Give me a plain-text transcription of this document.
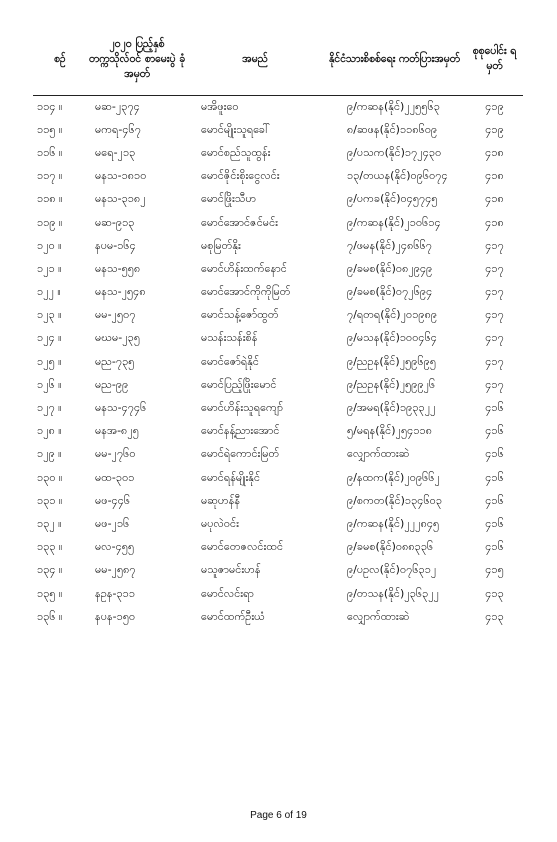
စဉ်	၂၀၂၀ ပြည့်နှစ် တက္ကသိုလ်ဝင် စာမေးပွဲ ခုံအမှတ်	အမည်	နိုင်ငံသားစိစစ်ရေး ကတ်ပြားအမှတ်	စုစုပေါင်း ရမှတ်
၁၁၄ ။	မဆ-၂၃၇၄	မအိဖူးဝေ	၉/ကဆန(နိုင်)၂၂၅၅၆၃	၄၁၉
၁၁၅ ။	မကရ-၄၆၇	မောင်မျိုးသူရခေါ်	၈/ဆဖန(နိုင်)၁၁၈၆၀၉	၄၁၉
၁၁၆ ။	မရေ-၂၁၃	မောင်စည်သူထွန်း	၉/ပသက(နိုင်)၁၇၂၄၃၀	၄၁၈
၁၁၇ ။	မနသ-၁၈၁၀	မောင်ဇိုင်းစိုးငွေလင်း	၁၃/တယန(နိုင်)၀၉၆၀၇၄	၄၁၈
၁၁၈ ။	မနသ-၃၁၈၂	မောင်ဖြိုးသီဟ	၉/ပကခ(နိုင်)၀၄၅၇၄၅	၄၁၈
၁၁၉ ။	မဆ-၉၁၃	မောင်အောင်ဇင်မင်း	၉/ကဆန(နိုင်)၂၁၀၆၁၄	၄၁၈
၁၂၀ ။	နပမ-၁၆၄	မစုမြတ်နိုး	၇/ဖမန(နိုင်)၂၄၈၆၆၇	၄၁၇
၁၂၁ ။	မနသ-၅၅၈	မောင်ဟိန်းထက်နောင်	၉/ခမစ(နိုင်)၀၈၂၉၄၉	၄၁၇
၁၂၂ ။	မနသ-၂၅၄၈	မောင်အောင်ကိုကိုမြတ်	၉/ခမစ(နိုင်)၀၇၂၆၉၄	၄၁၇
၁၂၃ ။	မမ-၂၅၀၇	မောင်သန့်ဇော်ထွတ်	၇/ရတရ(နိုင်)၂၀၁၉၈၉	၄၁၇
၁၂၄ ။	မဃမ-၂၃၅	မသန်းသန်းစိန်	၉/မသန(နိုင်)၁၀၀၄၆၄	၄၁၇
၁၂၅ ။	မည-၇၃၅	မောင်ဇော်ရဲနိုင်	၉/ညဥန(နိုင်)၂၅၉၆၉၅	၄၁၇
၁၂၆ ။	မည-၉၉	မောင်ပြည့်ဖြိုးမောင်	၉/ညဥန(နိုင်)၂၅၉၉၂၆	၄၁၇
၁၂၇ ။	မနသ-၄၇၄၆	မောင်ဟိန်းသူရကျော်	၉/အမရ(နိုင်)၁၉၃၃၂၂	၄၁၆
၁၂၈ ။	မနအ-၈၂၅	မောင်နန့်ညားအောင်	၅/မရန(နိုင်)၂၅၄၁၁၈	၄၁၆
၁၂၉ ။	မမ-၂၇၆၀	မောင်ရဲကောင်းမြတ်	လျှောက်ထားဆဲ	၄၁၆
၁၃၀ ။	မထ-၃၀၁	မောင်ရန်မျိုးနိုင်	၉/နထက(နိုင်)၂၀၉၆၆၂	၄၁၆
၁၃၁ ။	မဖ-၄၄၆	မဆုဟန်နီ	၉/စကတ(နိုင်)၁၃၄၆၀၃	၄၁၆
၁၃၂ ။	မဖ-၂၁၆	မပုလဲဝင်း	၉/ကဆန(နိုင်)၂၂၂၈၄၅	၄၁၆
၁၃၃ ။	မလ-၄၅၅	မောင်တေဇလင်းထင်	၉/ခမစ(နိုင်)၀၈၈၃၃၆	၄၁၆
၁၃၄ ။	မမ-၂၅၈၇	မသူဇာမင်းဟန်	၉/ပဥလ(နိုင်)၀၇၆၃၁၂	၄၁၅
၁၃၅ ။	နဥန-၃၁၁	မောင်လင်းရာ	၉/တသန(နိုင်)၂၃၆၃၂၂	၄၁၃
၁၃၆ ။	နပန-၁၅၀	မောင်ထက်ဦးယံ	လျှောက်ထားဆဲ	၄၁၃
Page 6 of 19
